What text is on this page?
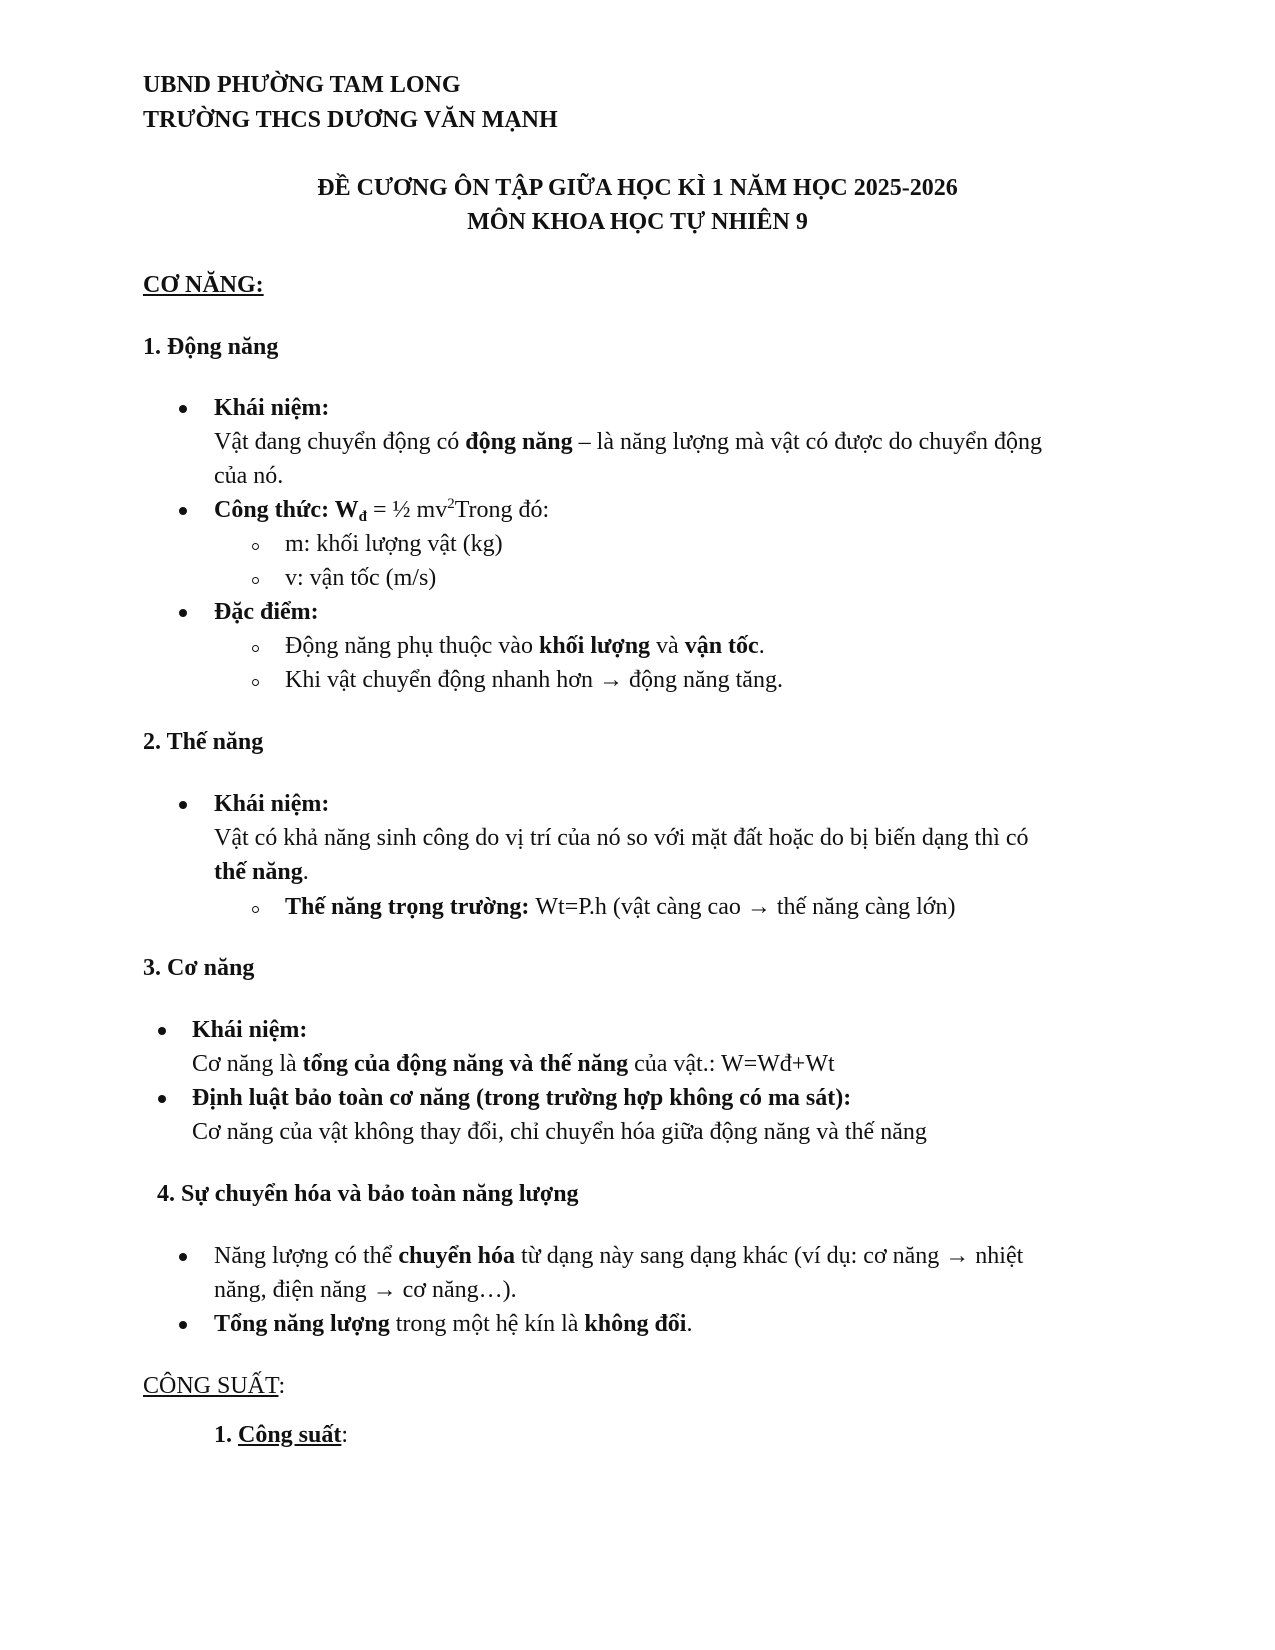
UBND PHƯỜNG TAM LONG
TRƯỜNG THCS DƯƠNG VĂN MẠNH
ĐỀ CƯƠNG ÔN TẬP GIỮA HỌC KÌ 1 NĂM HỌC 2025-2026
MÔN KHOA HỌC TỰ NHIÊN 9
CƠ NĂNG:
1. Động năng
Khái niệm:
Vật đang chuyển động có động năng – là năng lượng mà vật có được do chuyển động
của nó.
Công thức: $W_đ$ = ½ $mv^2Trong$ đó:
m: khối lượng vật (kg)
v: vận tốc (m/s)
Đặc điểm:
Động năng phụ thuộc vào khối lượng và vận tốc.
Khi vật chuyển động nhanh hơn → động năng tăng.
2. Thế năng
Khái niệm:
Vật có khả năng sinh công do vị trí của nó so với mặt đất hoặc do bị biến dạng thì có
thế năng.
Thế năng trọng trường: Wt=P.h (vật càng cao → thế năng càng lớn)
3. Cơ năng
Khái niệm:
Cơ năng là tổng của động năng và thế năng của vật.: W=Wđ+Wt
Định luật bảo toàn cơ năng (trong trường hợp không có ma sát):
Cơ năng của vật không thay đổi, chỉ chuyển hóa giữa động năng và thế năng
4. Sự chuyển hóa và bảo toàn năng lượng
Năng lượng có thể chuyển hóa từ dạng này sang dạng khác (ví dụ: cơ năng → nhiệt
năng, điện năng → cơ năng…).
Tổng năng lượng trong một hệ kín là không đổi.
CÔNG SUẤT:
1. Công suất:
